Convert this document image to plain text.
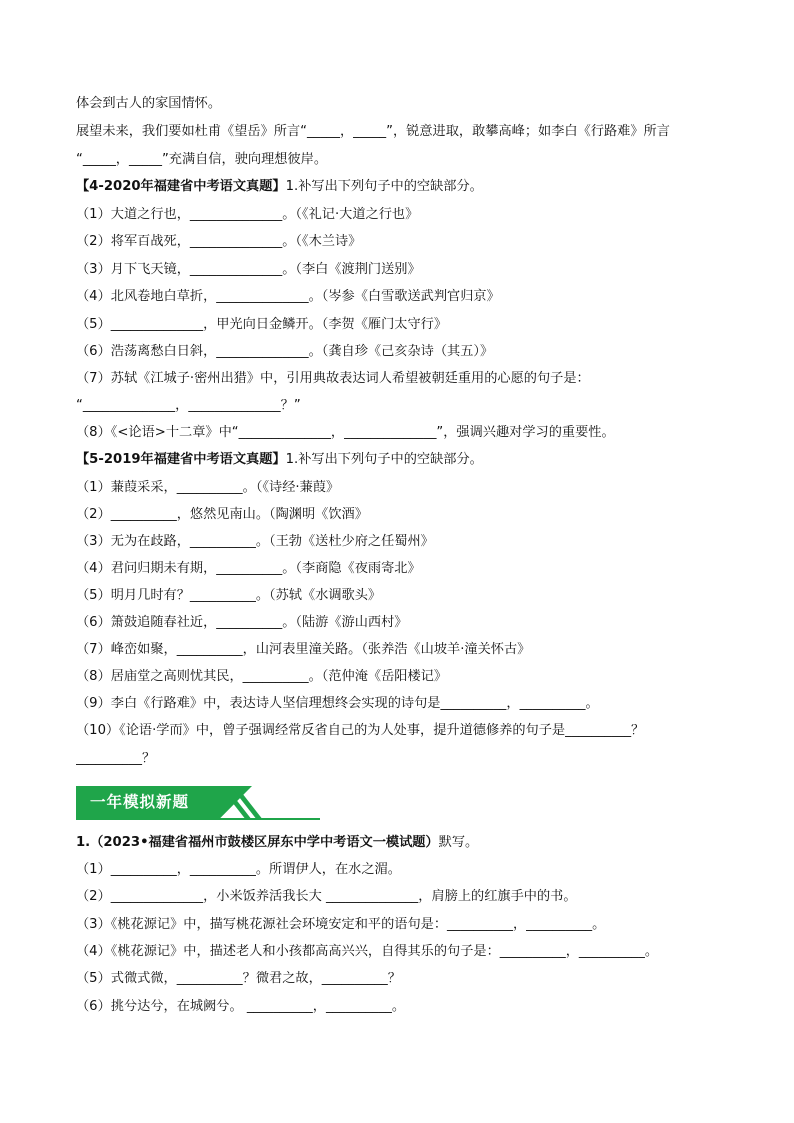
体会到古人的家国情怀。
展望未来，我们要如杜甫《望岳》所言“_____，_____”，锐意进取，敢攀高峰；如李白《行路难》所言
“_____，_____”充满自信，驶向理想彼岸。
【4-2020年福建省中考语文真题】1.补写出下列句子中的空缺部分。
（1）大道之行也，______________。（《礼记·大道之行也》
（2）将军百战死，______________。（《木兰诗》
（3）月下飞天镜，______________。（李白《渡荆门送别》
（4）北风卷地白草折，______________。（岑参《白雪歌送武判官归京》
（5）______________，甲光向日金鳞开。（李贺《雁门太守行》
（6）浩荡离愁白日斜，______________。（龚自珍《己亥杂诗（其五）》
（7）苏轼《江城子·密州出猎》中，引用典故表达词人希望被朝廷重用的心愿的句子是：
“______________，______________？”
（8）《<论语>十二章》中“______________，______________”，强调兴趣对学习的重要性。
【5-2019年福建省中考语文真题】1.补写出下列句子中的空缺部分。
（1）蒹葭采采，__________。（《诗经·蒹葭》
（2）__________，悠然见南山。（陶渊明《饮酒》
（3）无为在歧路，__________。（王勃《送杜少府之任蜀州》
（4）君问归期未有期，__________。（李商隐《夜雨寄北》
（5）明月几时有？__________。（苏轼《水调歌头》
（6）箫鼓追随春社近，__________。（陆游《游山西村》
（7）峰峦如聚，__________，山河表里潼关路。（张养浩《山坡羊·潼关怀古》
（8）居庙堂之高则忧其民，__________。（范仲淹《岳阳楼记》
（9）李白《行路难》中，表达诗人坚信理想终会实现的诗句是__________，__________。
（10）《论语·学而》中，曾子强调经常反省自己的为人处事，提升道德修养的句子是__________？
__________？
一年模拟新题
1.（2023•福建省福州市鼓楼区屏东中学中考语文一模试题）默写。
（1）__________，__________。所谓伊人，在水之湄。
（2）______________，小米饭养活我长大 ______________，肩膀上的红旗手中的书。
（3）《桃花源记》中，描写桃花源社会环境安定和平的语句是：__________，__________。
（4）《桃花源记》中，描述老人和小孩都高高兴兴，自得其乐的句子是：__________，__________。
（5）式微式微，__________？微君之故，__________？
（6）挑兮达兮，在城阙兮。 __________，__________。
